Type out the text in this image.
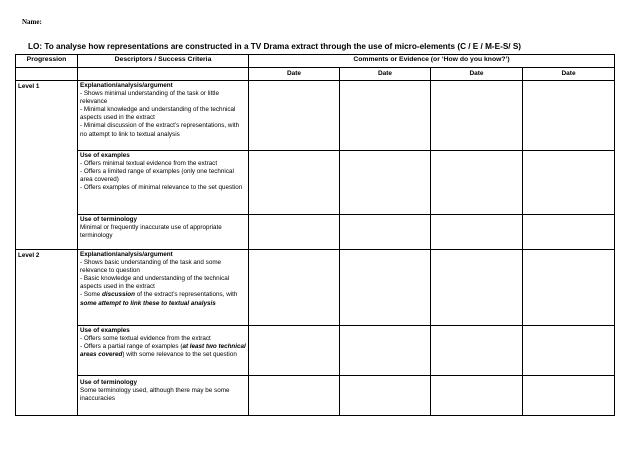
Name:
LO: To analyse how representations are constructed in a TV Drama extract through the use of micro-elements (C / E / M-E-S/ S)
Progression	Descriptors / Success Criteria	Comments or Evidence (or ‘How do you know?’)			
		Date	Date	Date	Date
Level 1	Explanation/analysis/argument

- Shows minimal understanding of the task or little relevance

- Minimal knowledge and understanding of the technical aspects used in the extract

- Minimal discussion of the extract’s representations, with no attempt to link to textual analysis				

	Use of examples

- Offers minimal textual evidence from the extract

- Offers a limited range of examples (only one technical area covered)

- Offers examples of minimal relevance to the set question				

	Use of terminology

Minimal or frequently inaccurate use of appropriate terminology				

Level 2	Explanation/analysis/argument

- Shows basic understanding of the task and some relevance to question

- Basic knowledge and understanding of the technical aspects used in the extract

- Some discussion of the extract’s representations, with some attempt to link these to textual analysis				

	Use of examples

- Offers some textual evidence from the extract

- Offers a partial range of examples (at least two technical areas covered) with some relevance to the set question				

	Use of terminology

Some terminology used, although there may be some inaccuracies				
